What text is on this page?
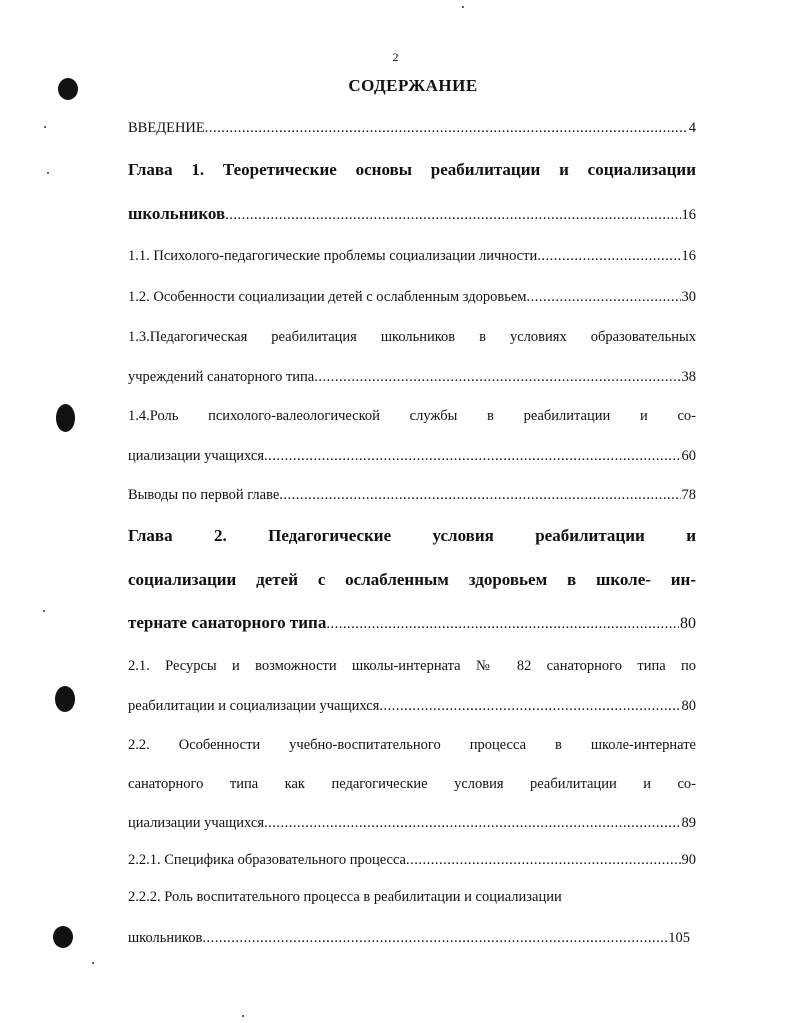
2
СОДЕРЖАНИЕ
ВВЕДЕНИЕ .....	4
Глава 1. Теоретические основы реабилитации и социализации
школьников .....	16
1.1. Психолого-педагогические проблемы социализации личности .....	16
1.2. Особенности социализации детей с ослабленным здоровьем .....	30
1.3.Педагогическая реабилитация школьников в условиях образовательных
учреждений санаторного типа .....	38
1.4.Роль психолого-валеологической службы в реабилитации и со-
циализации учащихся .....	60
Выводы по первой главе .....	78
Глава 2. Педагогические условия реабилитации и
социализации детей с ослабленным здоровьем в школе- ин-
тернате санаторного типа .....	80
2.1. Ресурсы и возможности школы-интерната № 82 санаторного типа по
реабилитации и социализации учащихся .....	80
2.2. Особенности учебно-воспитательного процесса в школе-интернате
санаторного типа как педагогические условия реабилитации и со-
циализации учащихся .....	89
2.2.1. Специфика образовательного процесса .....	90
2.2.2. Роль воспитательного процесса в реабилитации и социализации
школьников .....	105
